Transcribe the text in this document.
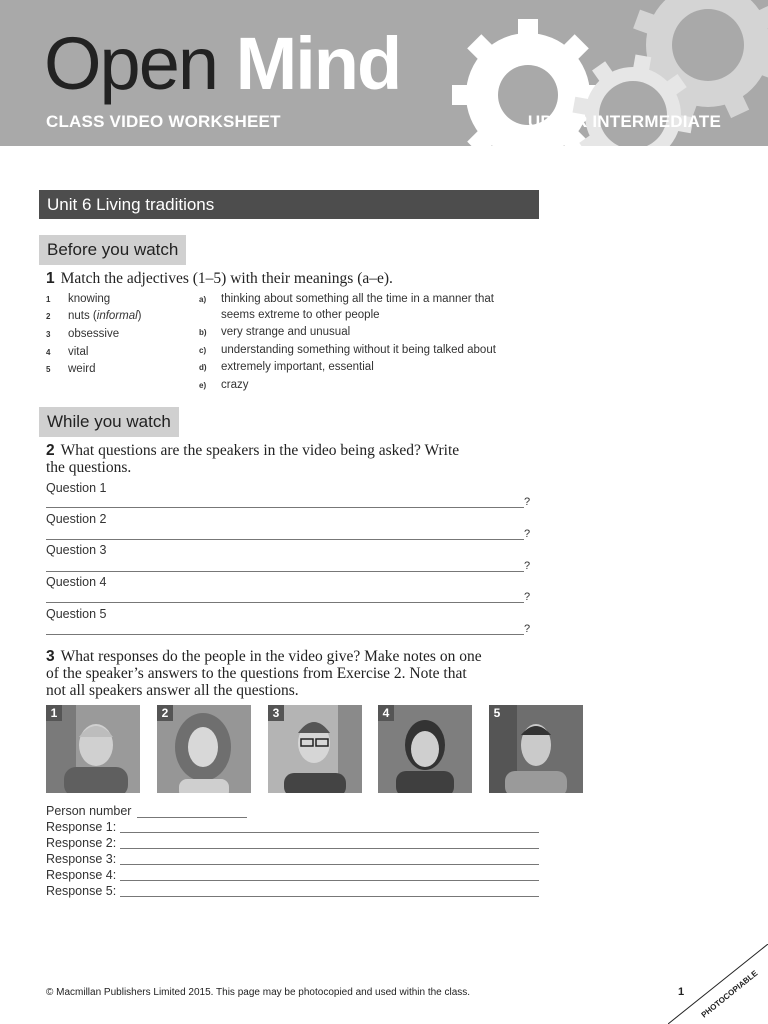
Open Mind
CLASS VIDEO WORKSHEET	UPPER INTERMEDIATE
Unit 6 Living traditions
Before you watch
1 Match the adjectives (1–5) with their meanings (a–e).
1 knowing
2 nuts (informal)
3 obsessive
4 vital
5 weird
a) thinking about something all the time in a manner that
seems extreme to other people
b) very strange and unusual
c) understanding something without it being talked about
d) extremely important, essential
e) crazy
While you watch
2 What questions are the speakers in the video being asked? Write
the questions.
Question 1
?
Question 2
?
Question 3
?
Question 4
?
Question 5
?
3 What responses do the people in the video give? Make notes on one
of the speaker’s answers to the questions from Exercise 2. Note that
not all speakers answer all the questions.
1	2	3	4	5
Person number
Response 1:
Response 2:
Response 3:
Response 4:
Response 5:
© Macmillan Publishers Limited 2015. This page may be photocopied and used within the class.	1 PHOTOCOPIABLE
